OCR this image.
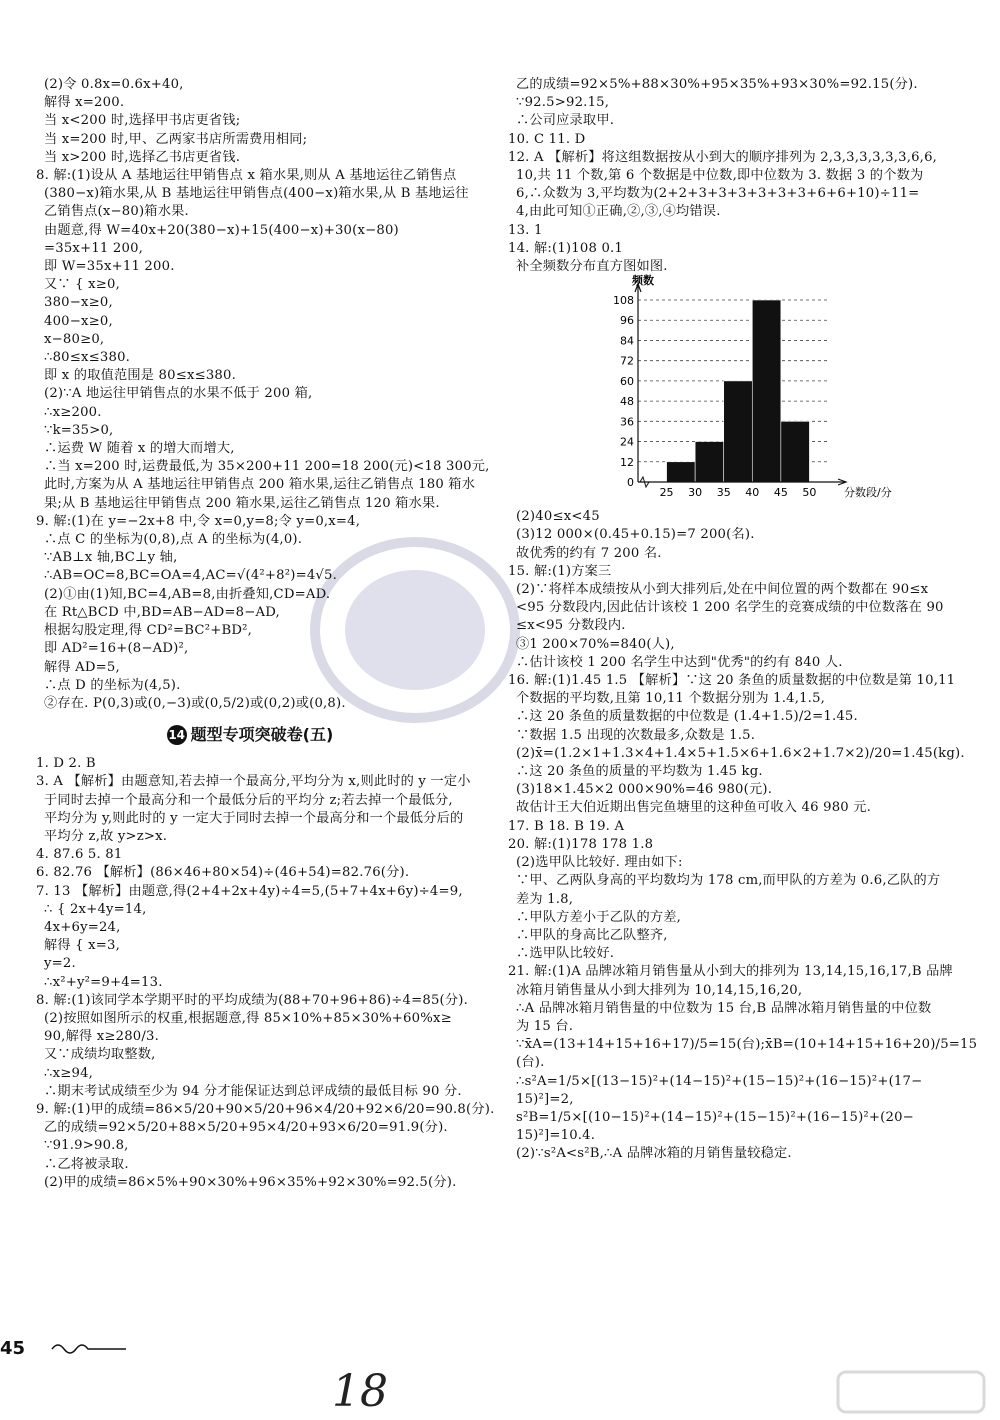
(2)令 0.8x=0.6x+40,
解得 x=200.
当 x<200 时,选择甲书店更省钱;
当 x=200 时,甲、乙两家书店所需费用相同;
当 x>200 时,选择乙书店更省钱.
8. 解:(1)设从 A 基地运往甲销售点 x 箱水果,则从 A 基地运往乙销售点
(380−x)箱水果,从 B 基地运往甲销售点(400−x)箱水果,从 B 基地运往
乙销售点(x−80)箱水果.
由题意,得 W=40x+20(380−x)+15(400−x)+30(x−80)
=35x+11 200,
即 W=35x+11 200.
又∵ { x≥0,
380−x≥0,
400−x≥0,
x−80≥0,
∴80≤x≤380.
即 x 的取值范围是 80≤x≤380.
(2)∵A 地运往甲销售点的水果不低于 200 箱,
∴x≥200.
∵k=35>0,
∴运费 W 随着 x 的增大而增大,
∴当 x=200 时,运费最低,为 35×200+11 200=18 200(元)<18 300元,
此时,方案为从 A 基地运往甲销售点 200 箱水果,运往乙销售点 180 箱水
果;从 B 基地运往甲销售点 200 箱水果,运往乙销售点 120 箱水果.
9. 解:(1)在 y=−2x+8 中,令 x=0,y=8;令 y=0,x=4,
∴点 C 的坐标为(0,8),点 A 的坐标为(4,0).
∵AB⊥x 轴,BC⊥y 轴,
∴AB=OC=8,BC=OA=4,AC=√(4²+8²)=4√5.
(2)①由(1)知,BC=4,AB=8,由折叠知,CD=AD.
在 Rt△BCD 中,BD=AB−AD=8−AD,
根据勾股定理,得 CD²=BC²+BD²,
即 AD²=16+(8−AD)²,
解得 AD=5,
∴点 D 的坐标为(4,5).
②存在. P(0,3)或(0,−3)或(0,5/2)或(0,2)或(0,8).
14 题型专项突破卷(五)
1. D 2. B
3. A 【解析】由题意知,若去掉一个最高分,平均分为 x,则此时的 y 一定小
于同时去掉一个最高分和一个最低分后的平均分 z;若去掉一个最低分,
平均分为 y,则此时的 y 一定大于同时去掉一个最高分和一个最低分后的
平均分 z,故 y>z>x.
4. 87.6 5. 81
6. 82.76 【解析】(86×46+80×54)÷(46+54)=82.76(分).
7. 13 【解析】由题意,得(2+4+2x+4y)÷4=5,(5+7+4x+6y)÷4=9,
∴ { 2x+4y=14,
4x+6y=24,
解得 { x=3,
y=2.
∴x²+y²=9+4=13.
8. 解:(1)该同学本学期平时的平均成绩为(88+70+96+86)÷4=85(分).
(2)按照如图所示的权重,根据题意,得 85×10%+85×30%+60%x≥
90,解得 x≥280/3.
又∵成绩均取整数,
∴x≥94,
∴期末考试成绩至少为 94 分才能保证达到总评成绩的最低目标 90 分.
9. 解:(1)甲的成绩=86×5/20+90×5/20+96×4/20+92×6/20=90.8(分).
乙的成绩=92×5/20+88×5/20+95×4/20+93×6/20=91.9(分).
∵91.9>90.8,
∴乙将被录取.
(2)甲的成绩=86×5%+90×30%+96×35%+92×30%=92.5(分).
乙的成绩=92×5%+88×30%+95×35%+93×30%=92.15(分).
∵92.5>92.15,
∴公司应录取甲.
10. C 11. D
12. A 【解析】将这组数据按从小到大的顺序排列为 2,3,3,3,3,3,3,6,6,
10,共 11 个数,第 6 个数据是中位数,即中位数为 3. 数据 3 的个数为
6,∴众数为 3,平均数为(2+2+3+3+3+3+3+3+6+6+10)÷11=
4,由此可知①正确,②,③,④均错误.
13. 1
14. 解:(1)108 0.1
补全频数分布直方图如图.
0
12
24
36
48
60
72
84
96
108
25 30 35 40 45 50
频数
分数段/分
(2)40≤x<45
(3)12 000×(0.45+0.15)=7 200(名).
故优秀的约有 7 200 名.
15. 解:(1)方案三
(2)∵将样本成绩按从小到大排列后,处在中间位置的两个数都在 90≤x
<95 分数段内,因此估计该校 1 200 名学生的竞赛成绩的中位数落在 90
≤x<95 分数段内.
③1 200×70%=840(人),
∴估计该校 1 200 名学生中达到"优秀"的约有 840 人.
16. 解:(1)1.45 1.5 【解析】∵这 20 条鱼的质量数据的中位数是第 10,11
个数据的平均数,且第 10,11 个数据分别为 1.4,1.5,
∴这 20 条鱼的质量数据的中位数是 (1.4+1.5)/2=1.45.
∵数据 1.5 出现的次数最多,众数是 1.5.
(2)x̄=(1.2×1+1.3×4+1.4×5+1.5×6+1.6×2+1.7×2)/20=1.45(kg).
∴这 20 条鱼的质量的平均数为 1.45 kg.
(3)18×1.45×2 000×90%=46 980(元).
故估计王大伯近期出售完鱼塘里的这种鱼可收入 46 980 元.
17. B 18. B 19. A
20. 解:(1)178 178 1.8
(2)选甲队比较好. 理由如下:
∵甲、乙两队身高的平均数均为 178 cm,而甲队的方差为 0.6,乙队的方
差为 1.8,
∴甲队方差小于乙队的方差,
∴甲队的身高比乙队整齐,
∴选甲队比较好.
21. 解:(1)A 品牌冰箱月销售量从小到大的排列为 13,14,15,16,17,B 品牌
冰箱月销售量从小到大排列为 10,14,15,16,20,
∴A 品牌冰箱月销售量的中位数为 15 台,B 品牌冰箱月销售量的中位数
为 15 台.
∵x̄A=(13+14+15+16+17)/5=15(台);x̄B=(10+14+15+16+20)/5=15
(台).
∴s²A=1/5×[(13−15)²+(14−15)²+(15−15)²+(16−15)²+(17−
15)²]=2,
s²B=1/5×[(10−15)²+(14−15)²+(15−15)²+(16−15)²+(20−
15)²]=10.4.
(2)∵s²A<s²B,∴A 品牌冰箱的月销售量较稳定.
45
18
